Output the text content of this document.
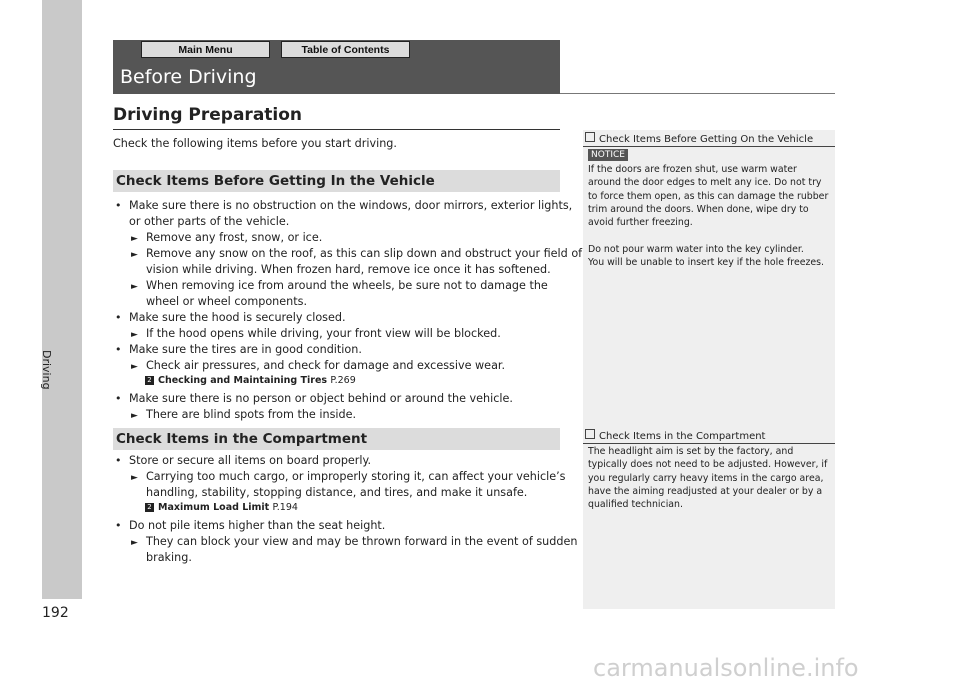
Driving
Main Menu	Table of Contents
Before Driving
Driving Preparation
Check the following items before you start driving.
Check Items Before Getting In the Vehicle
• Make sure there is no obstruction on the windows, door mirrors, exterior lights,
or other parts of the vehicle.
► Remove any frost, snow, or ice.
► Remove any snow on the roof, as this can slip down and obstruct your field of
vision while driving. When frozen hard, remove ice once it has softened.
► When removing ice from around the wheels, be sure not to damage the
wheel or wheel components.
• Make sure the hood is securely closed.
► If the hood opens while driving, your front view will be blocked.
• Make sure the tires are in good condition.
► Check air pressures, and check for damage and excessive wear.
2 Checking and Maintaining Tires P.269
• Make sure there is no person or object behind or around the vehicle.
► There are blind spots from the inside.
Check Items in the Compartment
• Store or secure all items on board properly.
► Carrying too much cargo, or improperly storing it, can affect your vehicle’s
handling, stability, stopping distance, and tires, and make it unsafe.
2 Maximum Load Limit P.194
• Do not pile items higher than the seat height.
► They can block your view and may be thrown forward in the event of sudden
braking.
Check Items Before Getting On the Vehicle
NOTICE
If the doors are frozen shut, use warm water
around the door edges to melt any ice. Do not try
to force them open, as this can damage the rubber
trim around the doors. When done, wipe dry to
avoid further freezing.
Do not pour warm water into the key cylinder.
You will be unable to insert key if the hole freezes.
Check Items in the Compartment
The headlight aim is set by the factory, and
typically does not need to be adjusted. However, if
you regularly carry heavy items in the cargo area,
have the aiming readjusted at your dealer or by a
qualified technician.
192
carmanualsonline.info
